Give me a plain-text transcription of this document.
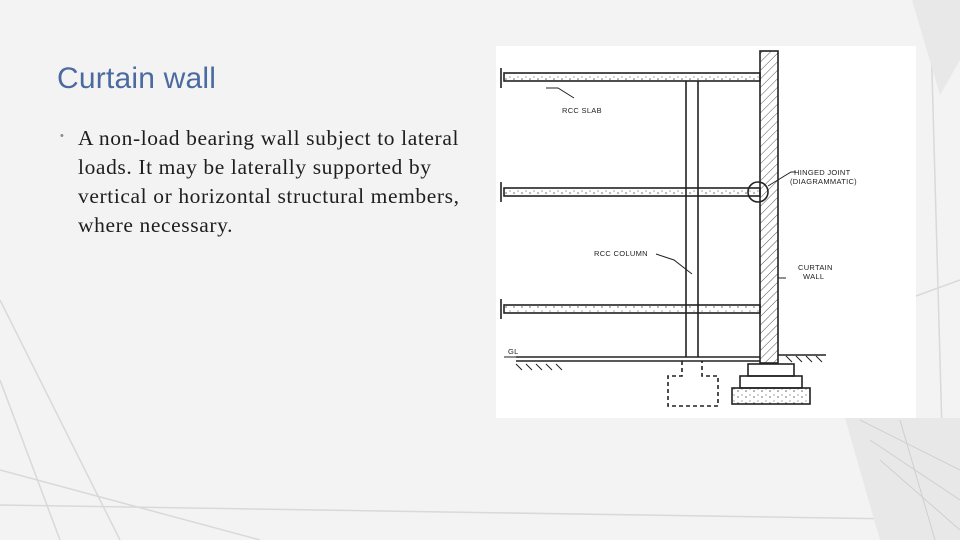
Curtain wall
• A non-load bearing wall subject to lateral loads. It may be laterally supported by vertical or horizontal structural members, where necessary.
RCC SLAB
HINGED JOINT
(DIAGRAMMATIC)
RCC COLUMN
CURTAIN
WALL
GL
